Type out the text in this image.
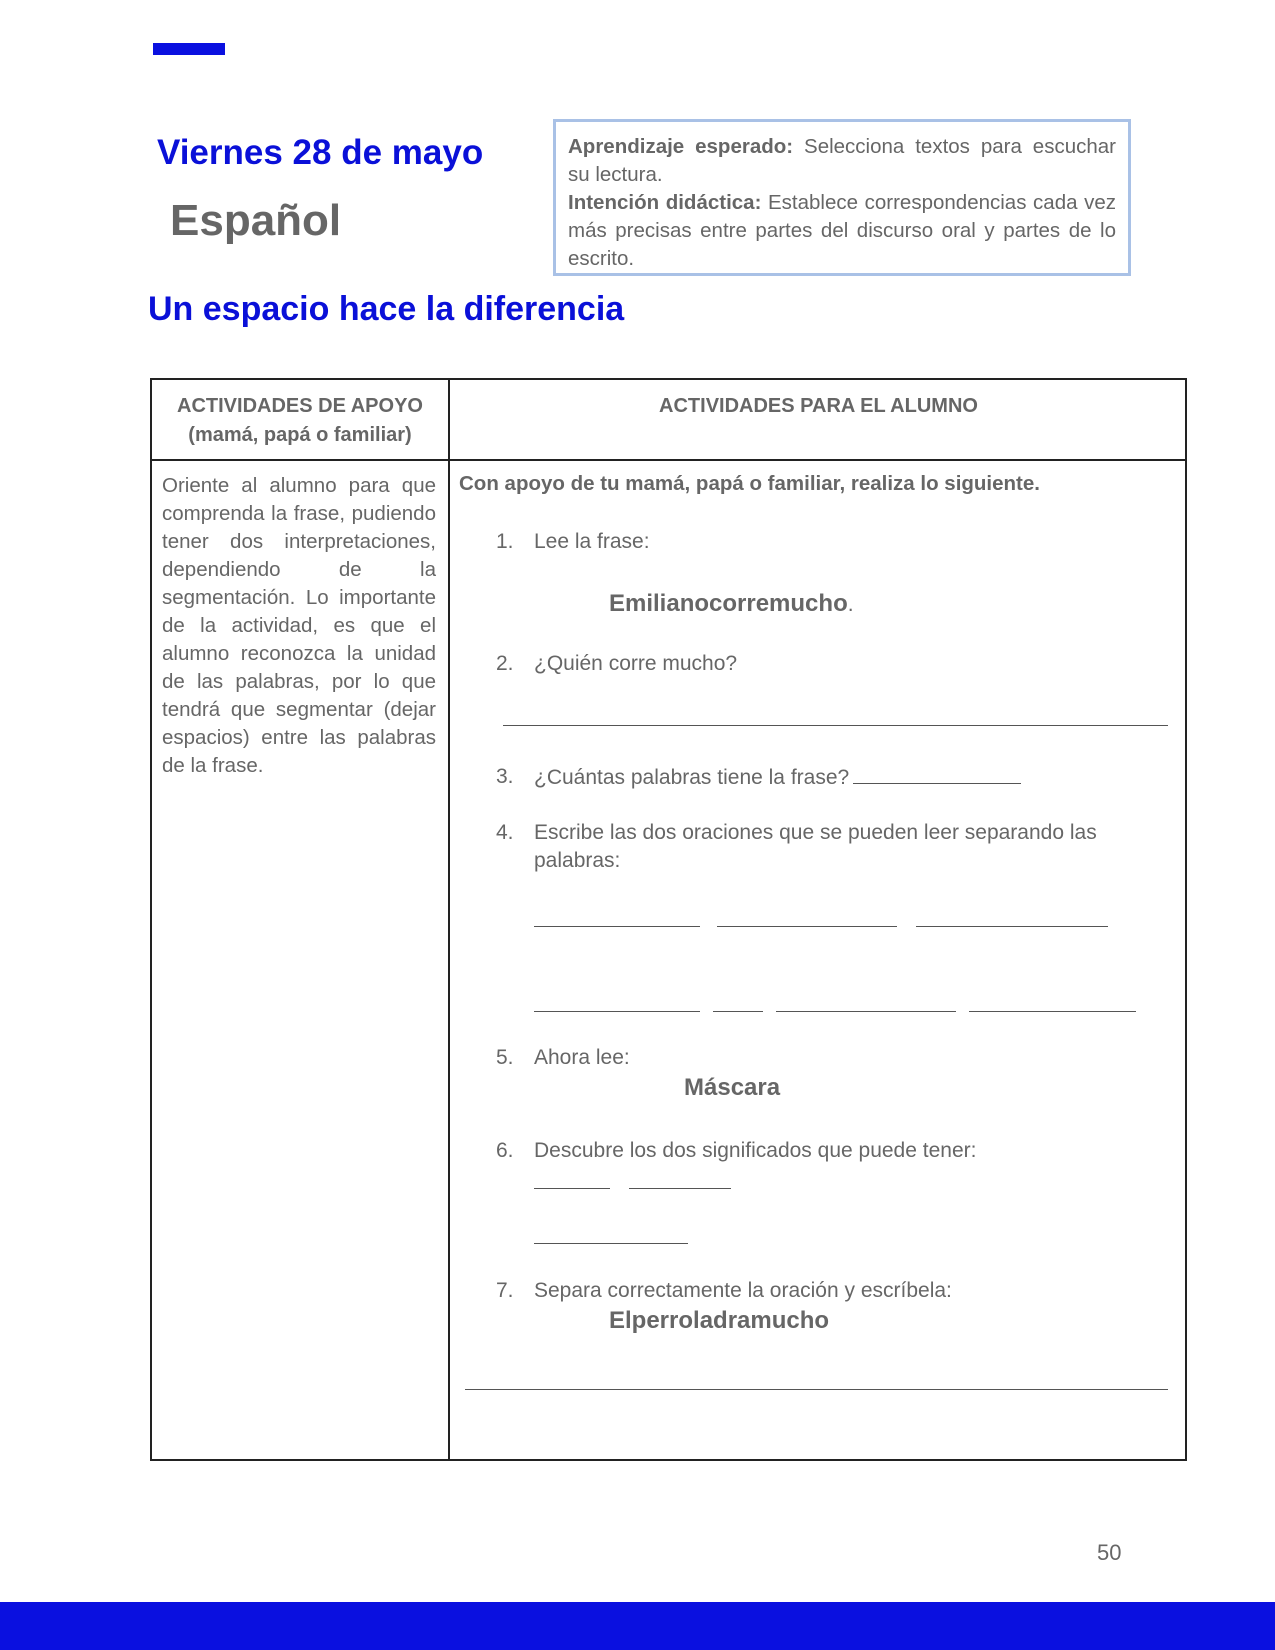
Viernes 28 de mayo
Español
Aprendizaje esperado: Selecciona textos para escuchar su lectura.
Intención didáctica: Establece correspondencias cada vez más precisas entre partes del discurso oral y partes de lo escrito.
Un espacio hace la diferencia
ACTIVIDADES DE APOYO
(mamá, papá o familiar)
ACTIVIDADES PARA EL ALUMNO
Oriente al alumno para que comprenda la frase, pudiendo tener dos interpretaciones, dependiendo de la segmentación. Lo importante de la actividad, es que el alumno reconozca la unidad de las palabras, por lo que tendrá que segmentar (dejar espacios) entre las palabras de la frase.
Con apoyo de tu mamá, papá o familiar, realiza lo siguiente.
1. Lee la frase:
Emilianocorremucho.
2. ¿Quién corre mucho?
3. ¿Cuántas palabras tiene la frase?
4. Escribe las dos oraciones que se pueden leer separando las
palabras:
5. Ahora lee:
Máscara
6. Descubre los dos significados que puede tener:
7. Separa correctamente la oración y escríbela:
Elperroladramucho
50
